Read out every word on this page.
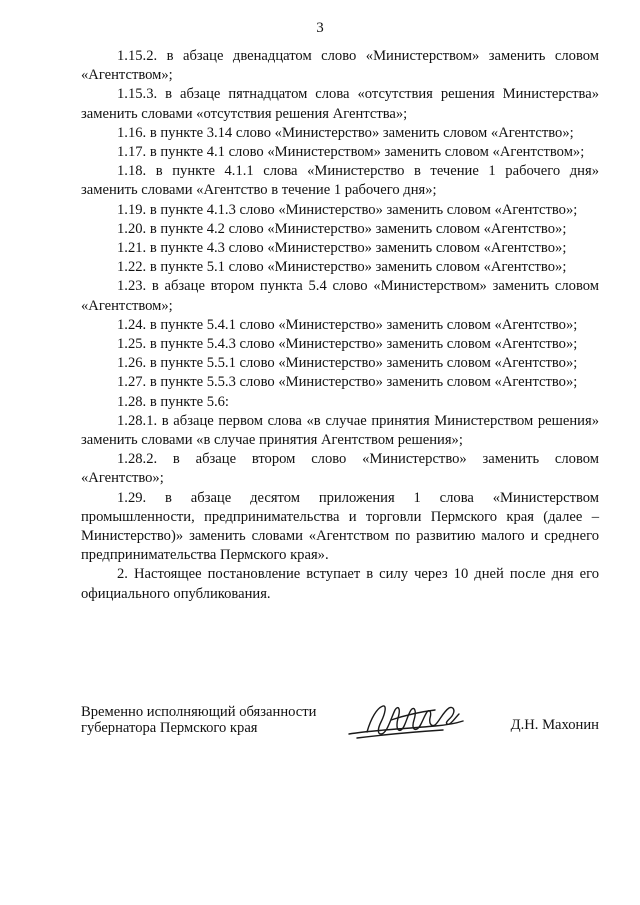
3

1.15.2. в абзаце двенадцатом слово «Министерством» заменить словом «Агентством»;

1.15.3. в абзаце пятнадцатом слова «отсутствия решения Министерства» заменить словами «отсутствия решения Агентства»;

1.16. в пункте 3.14 слово «Министерство» заменить словом «Агентство»;

1.17. в пункте 4.1 слово «Министерством» заменить словом «Агентством»;

1.18. в пункте 4.1.1 слова «Министерство в течение 1 рабочего дня» заменить словами «Агентство в течение 1 рабочего дня»;

1.19. в пункте 4.1.3 слово «Министерство» заменить словом «Агентство»;

1.20. в пункте 4.2 слово «Министерство» заменить словом «Агентство»;

1.21. в пункте 4.3 слово «Министерство» заменить словом «Агентство»;

1.22. в пункте 5.1 слово «Министерство» заменить словом «Агентство»;

1.23. в абзаце втором пункта 5.4 слово «Министерством» заменить словом «Агентством»;

1.24. в пункте 5.4.1 слово «Министерство» заменить словом «Агентство»;

1.25. в пункте 5.4.3 слово «Министерство» заменить словом «Агентство»;

1.26. в пункте 5.5.1 слово «Министерство» заменить словом «Агентство»;

1.27. в пункте 5.5.3 слово «Министерство» заменить словом «Агентство»;

1.28. в пункте 5.6:

1.28.1. в абзаце первом слова «в случае принятия Министерством решения» заменить словами «в случае принятия Агентством решения»;

1.28.2. в абзаце втором слово «Министерство» заменить словом «Агентство»;

1.29. в абзаце десятом приложения 1 слова «Министерством промышленности, предпринимательства и торговли Пермского края (далее – Министерство)» заменить словами «Агентством по развитию малого и среднего предпринимательства Пермского края».

2. Настоящее постановление вступает в силу через 10 дней после дня его официального опубликования.

Временно исполняющий обязанности
губернатора Пермского края	Д.Н. Махонин
